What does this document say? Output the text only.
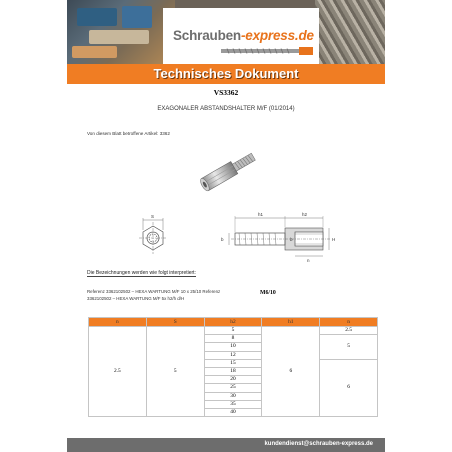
Schrauben-express.de
Technisches Dokument
VS3362
EXAGONALER ABSTANDSHALTER M/F (01/2014)
Von diesem Blatt betroffene Artikel: 3362
S	h1	h2
b	b	H
n
Die Bezeichnungen werden wie folgt interpretiert:
Referenz 3362102502 – HEXA WARTUNG M/F 10 x 25/10 Referenz
3362102502 – HEXA WARTUNG M/F 5x h2/h d/H
M6/10
n	S	h2	h1	n
2.5	5	5	6	2.5
		8		5
		10		
		12		
		15		6
		18		
		20		
		25		
		30		
		35		
		40		
kundendienst@schrauben-express.de
